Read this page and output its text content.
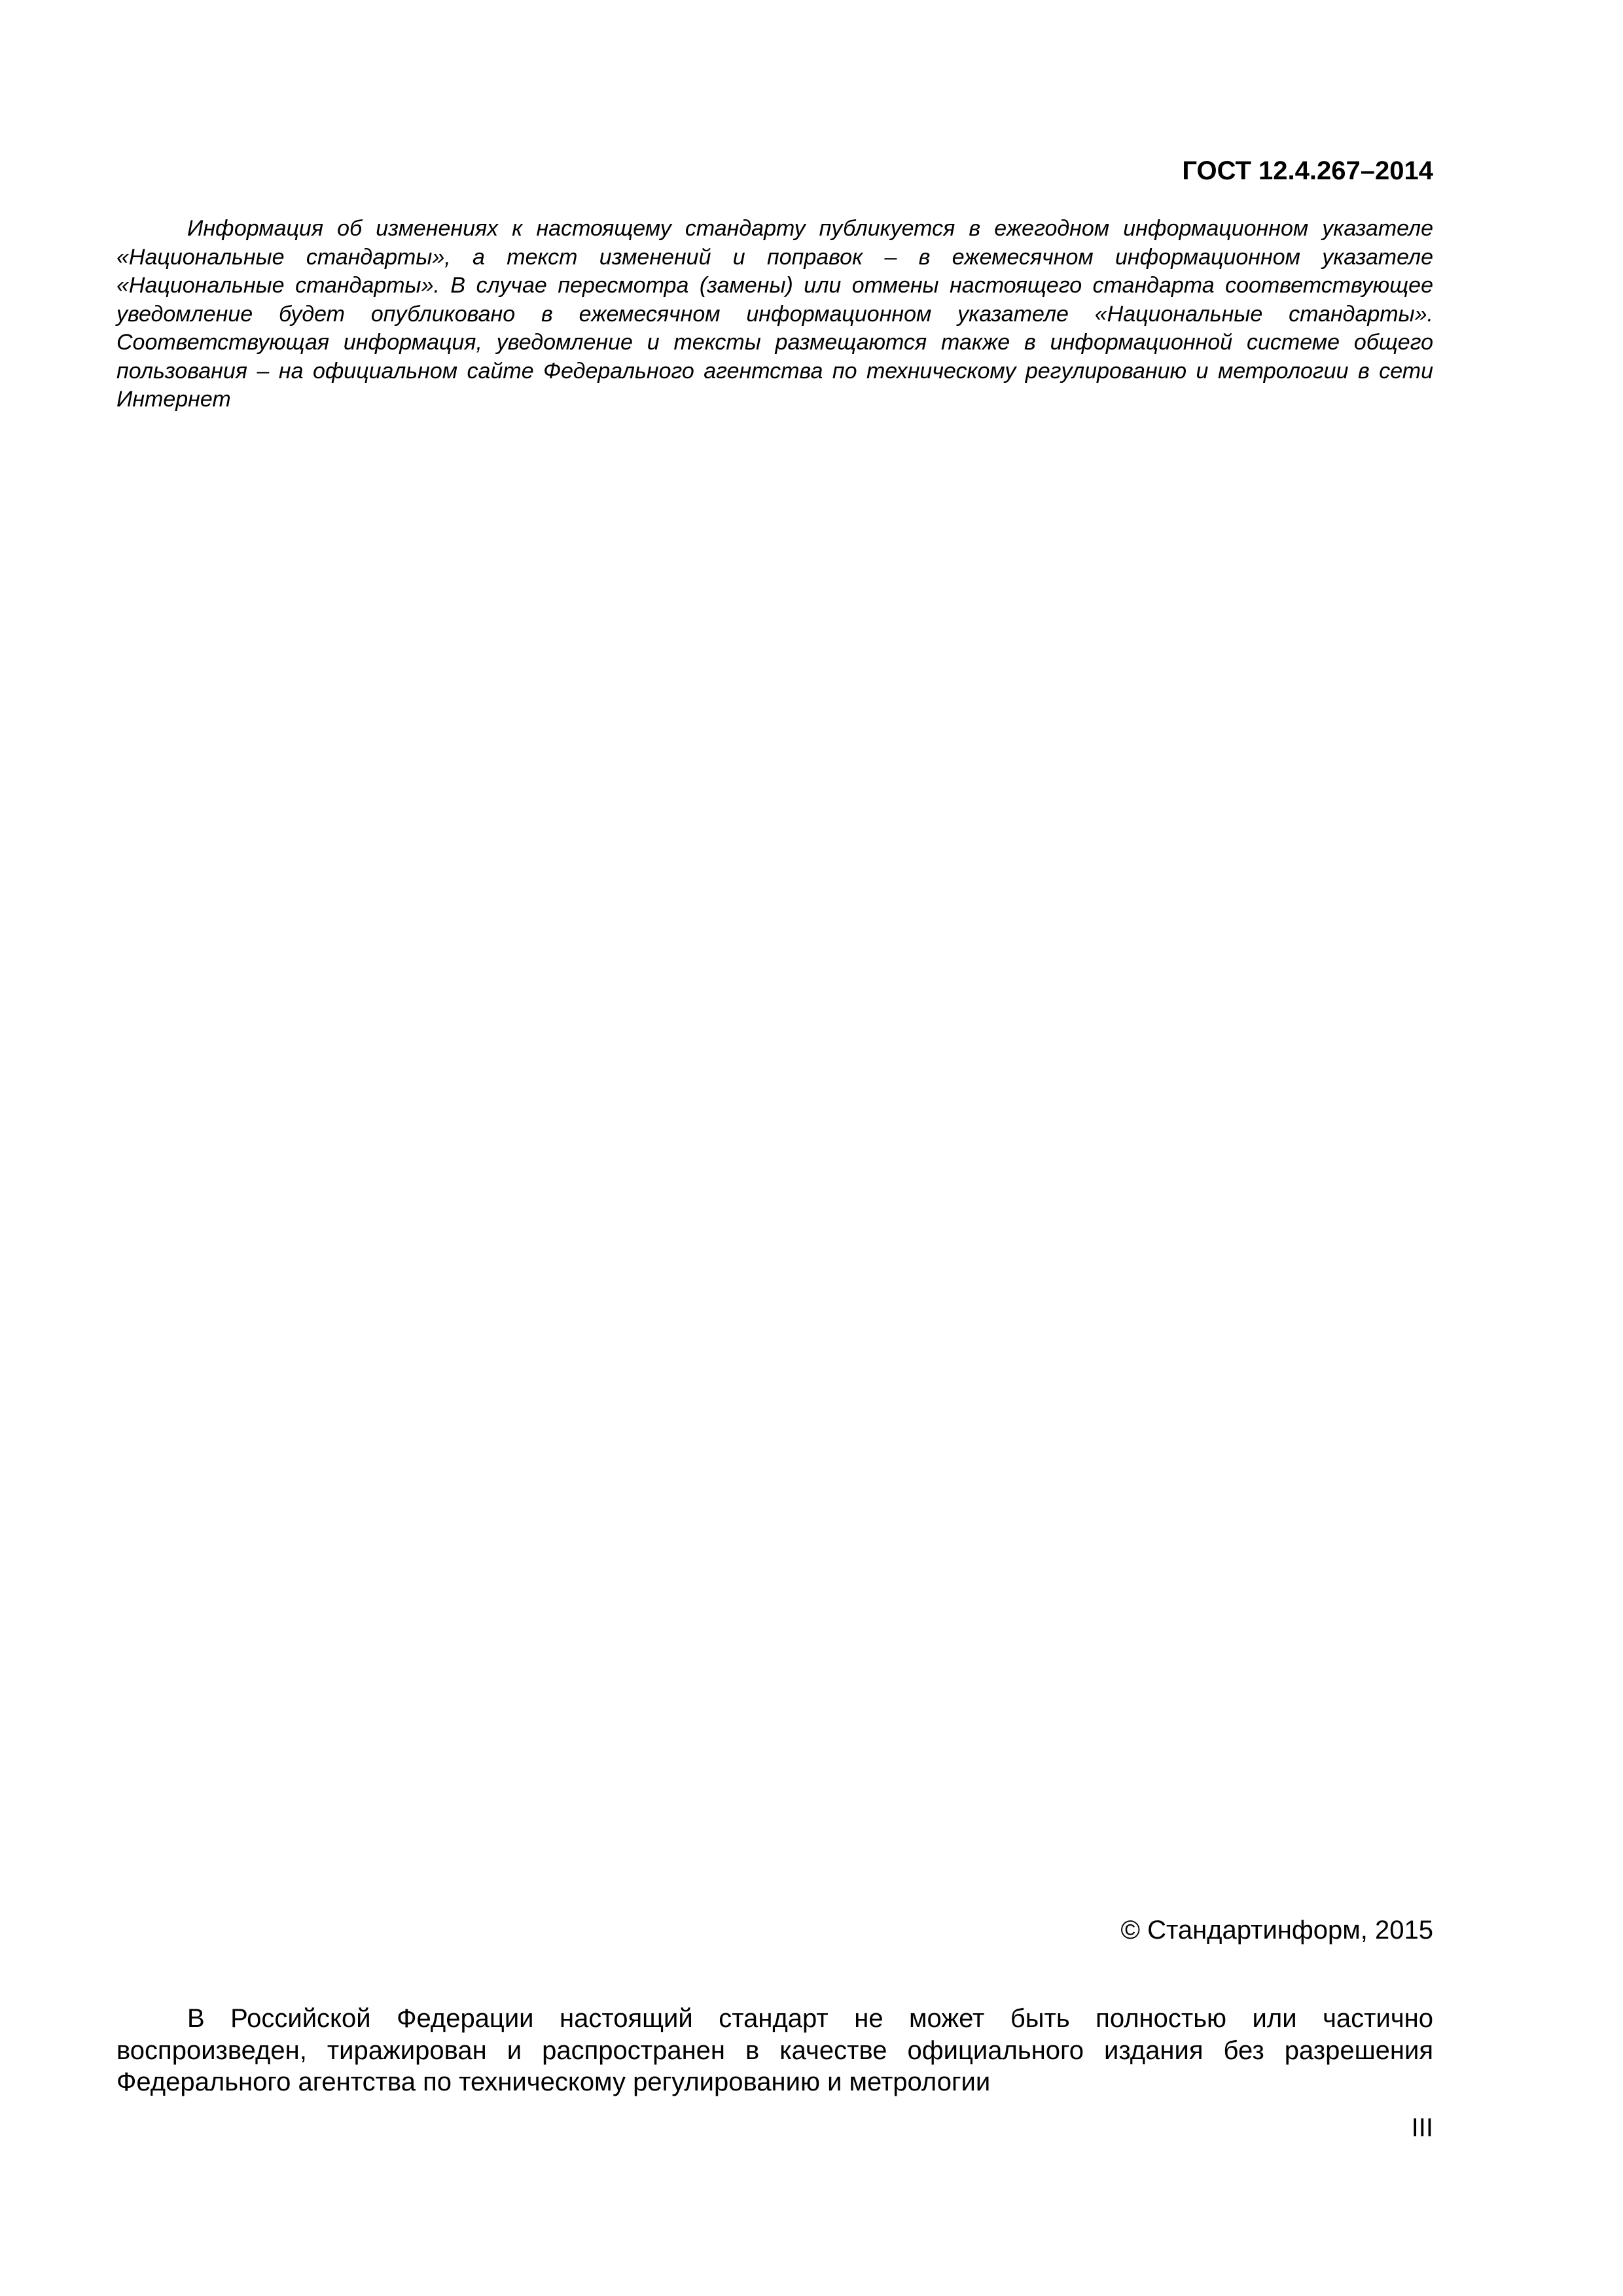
ГОСТ 12.4.267–2014

Информация об изменениях к настоящему стандарту публикуется в ежегодном информационном указателе «Национальные стандарты», а текст изменений и поправок – в ежемесячном информационном указателе «Национальные стандарты». В случае пересмотра (замены) или отмены настоящего стандарта соответствующее уведомление будет опубликовано в ежемесячном информационном указателе «Национальные стандарты». Соответствующая информация, уведомление и тексты размещаются также в информационной системе общего пользования – на официальном сайте Федерального агентства по техническому регулированию и метрологии в сети Интернет

© Стандартинформ, 2015

В Российской Федерации настоящий стандарт не может быть полностью или частично воспроизведен, тиражирован и распространен в качестве официального издания без разрешения Федерального агентства по техническому регулированию и метрологии

III
